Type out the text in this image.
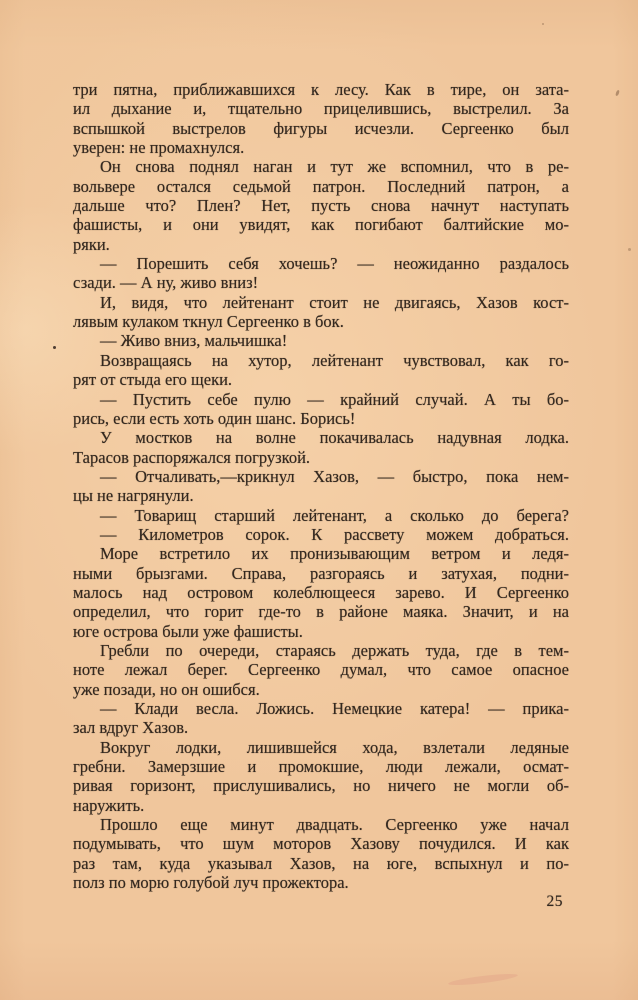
три пятна, приближавшихся к лесу. Как в тире, он зата-
ил дыхание и, тщательно прицелившись, выстрелил. За
вспышкой выстрелов фигуры исчезли. Сергеенко был
уверен: не промахнулся.
Он снова поднял наган и тут же вспомнил, что в ре-
вольвере остался седьмой патрон. Последний патрон, а
дальше что? Плен? Нет, пусть снова начнут наступать
фашисты, и они увидят, как погибают балтийские мо-
ряки.
— Порешить себя хочешь? — неожиданно раздалось
сзади. — А ну, живо вниз!
И, видя, что лейтенант стоит не двигаясь, Хазов кост-
лявым кулаком ткнул Сергеенко в бок.
— Живо вниз, мальчишка!
Возвращаясь на хутор, лейтенант чувствовал, как го-
рят от стыда его щеки.
— Пустить себе пулю — крайний случай. А ты бо-
рись, если есть хоть один шанс. Борись!
У мостков на волне покачивалась надувная лодка.
Тарасов распоряжался погрузкой.
— Отчаливать,—крикнул Хазов, — быстро, пока нем-
цы не нагрянули.
— Товарищ старший лейтенант, а сколько до берега?
— Километров сорок. К рассвету можем добраться.
Море встретило их пронизывающим ветром и ледя-
ными брызгами. Справа, разгораясь и затухая, подни-
малось над островом колеблющееся зарево. И Сергеенко
определил, что горит где-то в районе маяка. Значит, и на
юге острова были уже фашисты.
Гребли по очереди, стараясь держать туда, где в тем-
ноте лежал берег. Сергеенко думал, что самое опасное
уже позади, но он ошибся.
— Клади весла. Ложись. Немецкие катера! — прика-
зал вдруг Хазов.
Вокруг лодки, лишившейся хода, взлетали ледяные
гребни. Замерзшие и промокшие, люди лежали, осмат-
ривая горизонт, прислушивались, но ничего не могли об-
наружить.
Прошло еще минут двадцать. Сергеенко уже начал
подумывать, что шум моторов Хазову почудился. И как
раз там, куда указывал Хазов, на юге, вспыхнул и по-
полз по морю голубой луч прожектора.
25
